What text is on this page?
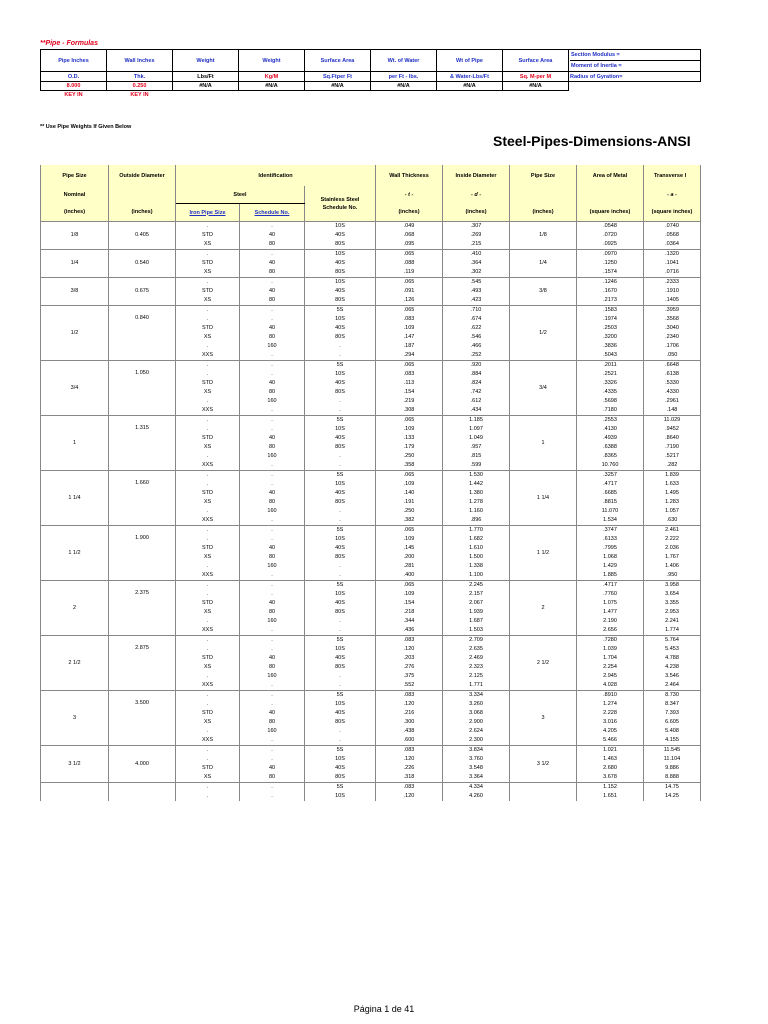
**Pipe - Formulas
Pipe Inches	Wall Inches	Weight	Weight	Surface Area	Wt. of Water	Wt of Pipe	Surface Area	Section Modulus =
Moment of Inertia =

O.D.	Thk.	Lbs/Ft	Kg/M	Sq.Ftper Ft	per Ft - lbs.	& Water-Lbs/Ft	Sq. M-per M	Radius of Gyration=
8.000	0.250	#N/A	#N/A	#N/A	#N/A	#N/A	#N/A	
KEY IN	KEY IN							
** Use Pipe Weights If Given Below
Steel-Pipes-Dimensions-ANSI
Pipe Size	Outside Diameter	Identification			Wall Thickness	Inside Diameter	Pipe Size	Area of Metal	Transverse I
Nominal		Steel		Stainless Steel
Schedule No.	- t -	- d -			- a -
(inches)	(inches)	Iron Pipe Size	Schedule No.		(inches)	(inches)	(inches)	(square inches)	(square inches)
1/8	0.405	.	.	10S	.049	.307	1/8	.0548	.0740
		STD	40	40S	.068	.269		.0720	.0568
		XS	80	80S	.095	.215		.0925	.0364
1/4	0.540	.	.	10S	.065	.410	1/4	.0970	.1320
		STD	40	40S	.088	.364		.1250	.1041
		XS	80	80S	.119	.302		.1574	.0716
3/8	0.675	.	.	10S	.065	.545	3/8	.1246	.2333
		STD	40	40S	.091	.493		.1670	.1910
		XS	80	80S	.126	.423		.2173	.1405
1/2	0.840	.	.	5S	.065	.710	1/2	.1583	.3959
		.	.	10S	.083	.674		.1974	.3568
		STD	40	40S	.109	.622		.2503	.3040
		XS	80	80S	.147	.546		.3200	.2340
		.	160	.	.187	.466		.3836	.1706
		XXS	.	.	.294	.252		.5043	.050
3/4	1.050	.	.	5S	.065	.920	3/4	.2011	.6648
		.	.	10S	.083	.884		.2521	.6138
		STD	40	40S	.113	.824		.3326	.5330
		XS	80	80S	.154	.742		.4335	.4330
		.	160	.	.219	.612		.5698	.2961
		XXS	.	.	.308	.434		.7180	.148
1	1.315	.	.	5S	.065	1.185	1	.2553	11.029
		.	.	10S	.109	1.097		.4130	.9452
		STD	40	40S	.133	1.049		.4939	.8640
		XS	80	80S	.179	.957		.6388	.7190
		.	160	.	.250	.815		.8365	.5217
		XXS	.	.	.358	.599		10.760	.282
1 1/4	1.660	.	.	5S	.065	1.530	1 1/4	.3257	1.839
		.	.	10S	.109	1.442		.4717	1.633
		STD	40	40S	.140	1.380		.6685	1.495
		XS	80	80S	.191	1.278		.8815	1.283
		.	160	.	.250	1.160		11.070	1.057
		XXS	.	.	.382	.896		1.534	.630
1 1/2	1.900	.	.	5S	.065	1.770	1 1/2	.3747	2.461
		.	.	10S	.109	1.682		.6133	2.222
		STD	40	40S	.145	1.610		.7995	2.036
		XS	80	80S	.200	1.500		1.068	1.767
		.	160	.	.281	1.338		1.429	1.406
		XXS	.	.	.400	1.100		1.885	.950
2	2.375	.	.	5S	.065	2.245	2	.4717	3.958
		.	.	10S	.109	2.157		.7760	3.654
		STD	40	40S	.154	2.067		1.075	3.355
		XS	80	80S	.218	1.939		1.477	2.953
		.	160	.	.344	1.687		2.190	2.241
		XXS	.	.	.436	1.503		2.656	1.774
2 1/2	2.875	.	.	5S	.083	2.709	2 1/2	.7280	5.764
		.	.	10S	.120	2.635		1.039	5.453
		STD	40	40S	.203	2.469		1.704	4.788
		XS	80	80S	.276	2.323		2.254	4.238
		.	160	.	.375	2.125		2.945	3.546
		XXS	.	.	.552	1.771		4.028	2.464
3	3.500	.	.	5S	.083	3.334	3	.8910	8.730
		.	.	10S	.120	3.260		1.274	8.347
		STD	40	40S	.216	3.068		2.228	7.393
		XS	80	80S	.300	2.900		3.016	6.605
		.	160	.	.438	2.624		4.205	5.408
		XXS	.	.	.600	2.300		5.466	4.155
3 1/2	4.000	.	.	5S	.083	3.834	3 1/2	1.021	11.545
		.	.	10S	.120	3.760		1.463	11.104
		STD	40	40S	.226	3.548		2.680	9.886
		XS	80	80S	.318	3.364		3.678	8.888
		.	.	5S	.083	4.334		1.152	14.75
		.	.	10S	.120	4.260		1.651	14.25
Página 1 de 41
